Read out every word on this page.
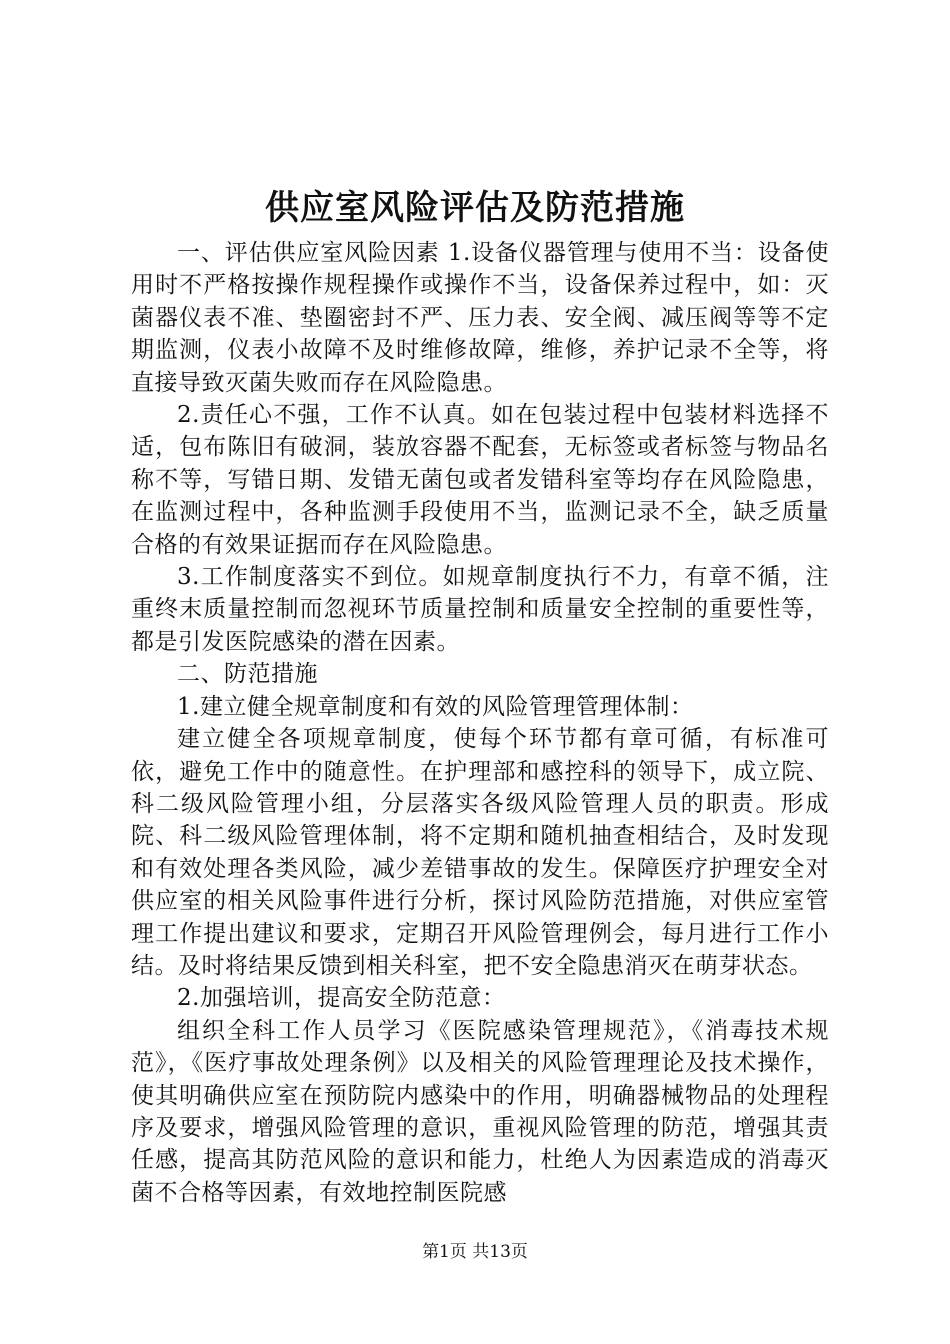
供应室风险评估及防范措施

一、评估供应室风险因素 1.设备仪器管理与使用不当：设备使用时不严格按操作规程操作或操作不当，设备保养过程中，如：灭菌器仪表不准、垫圈密封不严、压力表、安全阀、减压阀等等不定期监测，仪表小故障不及时维修故障，维修，养护记录不全等，将直接导致灭菌失败而存在风险隐患。

2.责任心不强，工作不认真。如在包装过程中包装材料选择不适，包布陈旧有破洞，装放容器不配套，无标签或者标签与物品名称不等，写错日期、发错无菌包或者发错科室等均存在风险隐患，在监测过程中，各种监测手段使用不当，监测记录不全，缺乏质量合格的有效果证据而存在风险隐患。

3.工作制度落实不到位。如规章制度执行不力，有章不循，注重终末质量控制而忽视环节质量控制和质量安全控制的重要性等，都是引发医院感染的潜在因素。

二、防范措施

1.建立健全规章制度和有效的风险管理管理体制：

建立健全各项规章制度，使每个环节都有章可循，有标准可依，避免工作中的随意性。在护理部和感控科的领导下，成立院、科二级风险管理小组，分层落实各级风险管理人员的职责。形成院、科二级风险管理体制，将不定期和随机抽查相结合，及时发现和有效处理各类风险，减少差错事故的发生。保障医疗护理安全对供应室的相关风险事件进行分析，探讨风险防范措施，对供应室管理工作提出建议和要求，定期召开风险管理例会，每月进行工作小结。及时将结果反馈到相关科室，把不安全隐患消灭在萌芽状态。

2.加强培训，提高安全防范意：

组织全科工作人员学习《医院感染管理规范》，《消毒技术规范》，《医疗事故处理条例》以及相关的风险管理理论及技术操作，使其明确供应室在预防院内感染中的作用，明确器械物品的处理程序及要求，增强风险管理的意识，重视风险管理的防范，增强其责任感，提高其防范风险的意识和能力，杜绝人为因素造成的消毒灭菌不合格等因素，有效地控制医院感

第1页 共13页
